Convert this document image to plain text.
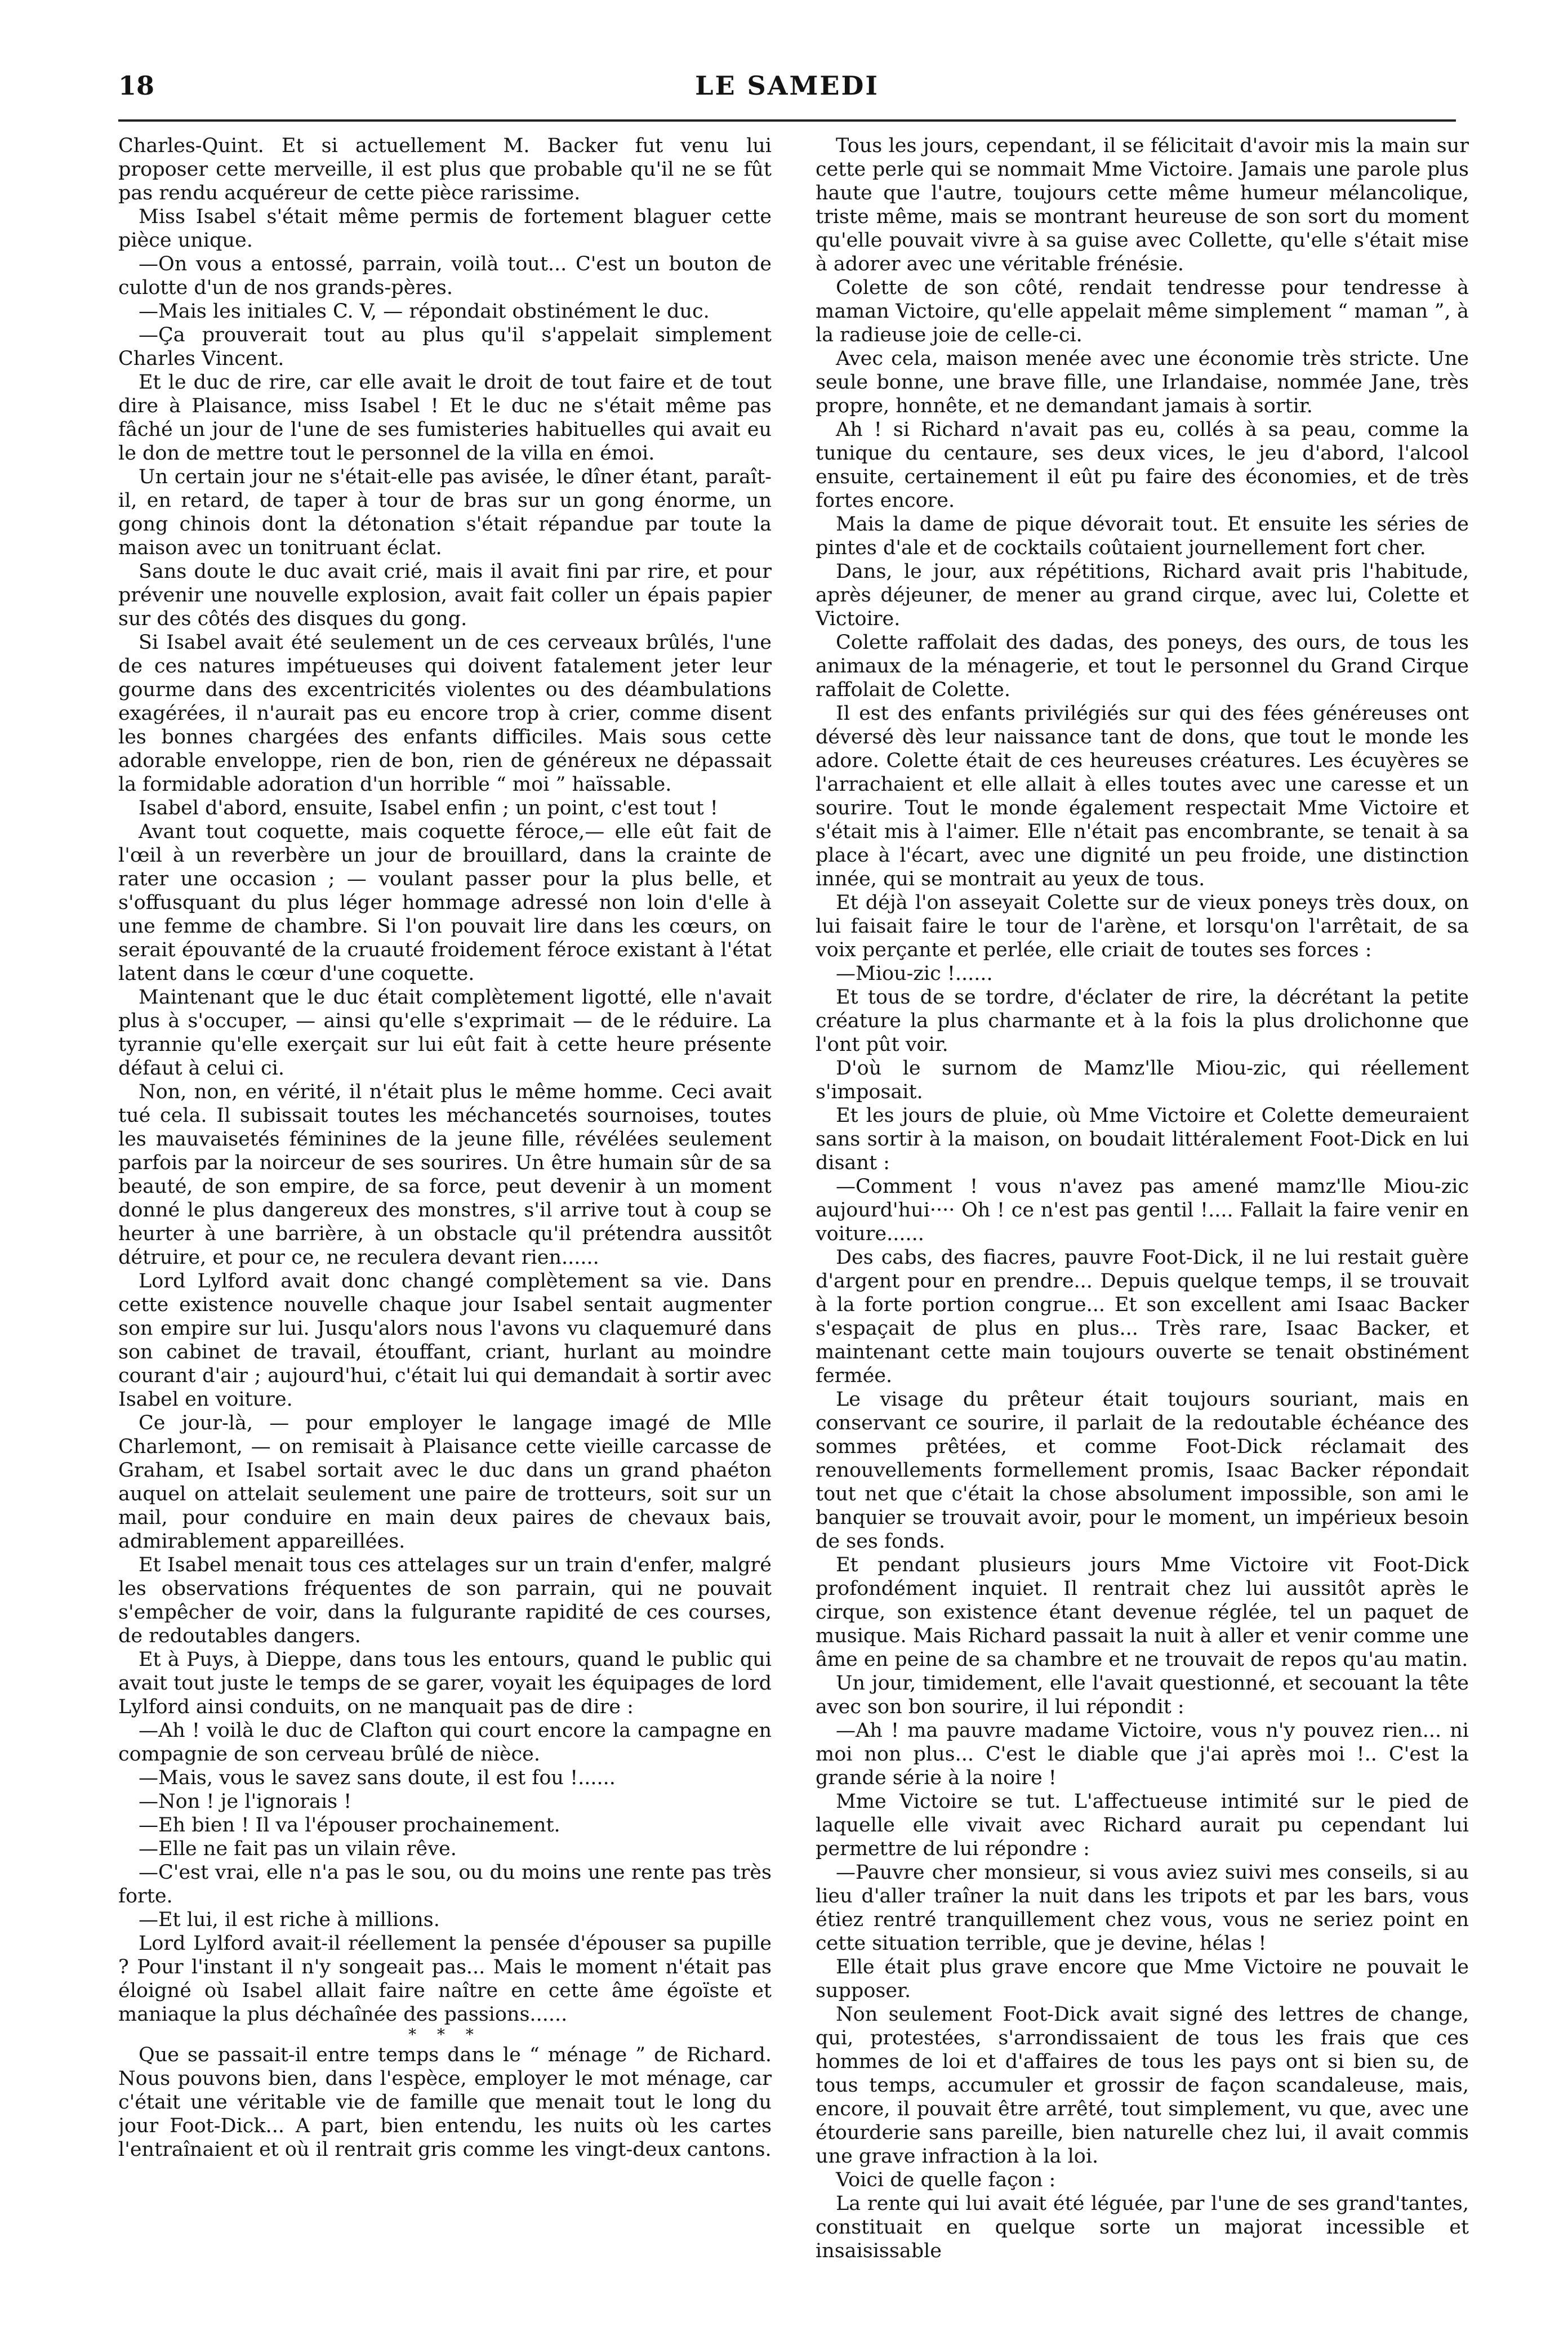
18	LE SAMEDI

Charles-Quint. Et si actuellement M. Backer fut venu lui proposer cette merveille, il est plus que probable qu'il ne se fût pas rendu acquéreur de cette pièce rarissime.

Miss Isabel s'était même permis de fortement blaguer cette pièce unique.

—On vous a entossé, parrain, voilà tout... C'est un bouton de culotte d'un de nos grands-pères.

—Mais les initiales C. V, — répondait obstinément le duc.

—Ça prouverait tout au plus qu'il s'appelait simplement Charles Vincent.

Et le duc de rire, car elle avait le droit de tout faire et de tout dire à Plaisance, miss Isabel ! Et le duc ne s'était même pas fâché un jour de l'une de ses fumisteries habituelles qui avait eu le don de mettre tout le personnel de la villa en émoi.

Un certain jour ne s'était-elle pas avisée, le dîner étant, paraît-il, en retard, de taper à tour de bras sur un gong énorme, un gong chinois dont la détonation s'était répandue par toute la maison avec un tonitruant éclat.

Sans doute le duc avait crié, mais il avait fini par rire, et pour prévenir une nouvelle explosion, avait fait coller un épais papier sur des côtés des disques du gong.

Si Isabel avait été seulement un de ces cerveaux brûlés, l'une de ces natures impétueuses qui doivent fatalement jeter leur gourme dans des excentricités violentes ou des déambulations exagérées, il n'aurait pas eu encore trop à crier, comme disent les bonnes chargées des enfants difficiles. Mais sous cette adorable enveloppe, rien de bon, rien de généreux ne dépassait la formidable adoration d'un horrible “ moi ” haïssable.

Isabel d'abord, ensuite, Isabel enfin ; un point, c'est tout !

Avant tout coquette, mais coquette féroce,— elle eût fait de l'œil à un reverbère un jour de brouillard, dans la crainte de rater une occasion ; — voulant passer pour la plus belle, et s'offusquant du plus léger hommage adressé non loin d'elle à une femme de chambre. Si l'on pouvait lire dans les cœurs, on serait épouvanté de la cruauté froidement féroce existant à l'état latent dans le cœur d'une coquette.

Maintenant que le duc était complètement ligotté, elle n'avait plus à s'occuper, — ainsi qu'elle s'exprimait — de le réduire. La tyrannie qu'elle exerçait sur lui eût fait à cette heure présente défaut à celui ci.

Non, non, en vérité, il n'était plus le même homme. Ceci avait tué cela. Il subissait toutes les méchancetés sournoises, toutes les mauvaisetés féminines de la jeune fille, révélées seulement parfois par la noirceur de ses sourires. Un être humain sûr de sa beauté, de son empire, de sa force, peut devenir à un moment donné le plus dangereux des monstres, s'il arrive tout à coup se heurter à une barrière, à un obstacle qu'il prétendra aussitôt détruire, et pour ce, ne reculera devant rien......

Lord Lylford avait donc changé complètement sa vie. Dans cette existence nouvelle chaque jour Isabel sentait augmenter son empire sur lui. Jusqu'alors nous l'avons vu claquemuré dans son cabinet de travail, étouffant, criant, hurlant au moindre courant d'air ; aujourd'hui, c'était lui qui demandait à sortir avec Isabel en voiture.

Ce jour-là, — pour employer le langage imagé de Mlle Charlemont, — on remisait à Plaisance cette vieille carcasse de Graham, et Isabel sortait avec le duc dans un grand phaéton auquel on attelait seulement une paire de trotteurs, soit sur un mail, pour conduire en main deux paires de chevaux bais, admirablement appareillées.

Et Isabel menait tous ces attelages sur un train d'enfer, malgré les observations fréquentes de son parrain, qui ne pouvait s'empêcher de voir, dans la fulgurante rapidité de ces courses, de redoutables dangers.

Et à Puys, à Dieppe, dans tous les entours, quand le public qui avait tout juste le temps de se garer, voyait les équipages de lord Lylford ainsi conduits, on ne manquait pas de dire :

—Ah ! voilà le duc de Clafton qui court encore la campagne en compagnie de son cerveau brûlé de nièce.

—Mais, vous le savez sans doute, il est fou !......

—Non ! je l'ignorais !

—Eh bien ! Il va l'épouser prochainement.

—Elle ne fait pas un vilain rêve.

—C'est vrai, elle n'a pas le sou, ou du moins une rente pas très forte.

—Et lui, il est riche à millions.

Lord Lylford avait-il réellement la pensée d'épouser sa pupille ? Pour l'instant il n'y songeait pas... Mais le moment n'était pas éloigné où Isabel allait faire naître en cette âme égoïste et maniaque la plus déchaînée des passions......

* * *

Que se passait-il entre temps dans le “ ménage ” de Richard. Nous pouvons bien, dans l'espèce, employer le mot ménage, car c'était une véritable vie de famille que menait tout le long du jour Foot-Dick... A part, bien entendu, les nuits où les cartes l'entraînaient et où il rentrait gris comme les vingt-deux cantons.

Tous les jours, cependant, il se félicitait d'avoir mis la main sur cette perle qui se nommait Mme Victoire. Jamais une parole plus haute que l'autre, toujours cette même humeur mélancolique, triste même, mais se montrant heureuse de son sort du moment qu'elle pouvait vivre à sa guise avec Collette, qu'elle s'était mise à adorer avec une véritable frénésie.

Colette de son côté, rendait tendresse pour tendresse à maman Victoire, qu'elle appelait même simplement “ maman ”, à la radieuse joie de celle-ci.

Avec cela, maison menée avec une économie très stricte. Une seule bonne, une brave fille, une Irlandaise, nommée Jane, très propre, honnête, et ne demandant jamais à sortir.

Ah ! si Richard n'avait pas eu, collés à sa peau, comme la tunique du centaure, ses deux vices, le jeu d'abord, l'alcool ensuite, certainement il eût pu faire des économies, et de très fortes encore.

Mais la dame de pique dévorait tout. Et ensuite les séries de pintes d'ale et de cocktails coûtaient journellement fort cher.

Dans, le jour, aux répétitions, Richard avait pris l'habitude, après déjeuner, de mener au grand cirque, avec lui, Colette et Victoire.

Colette raffolait des dadas, des poneys, des ours, de tous les animaux de la ménagerie, et tout le personnel du Grand Cirque raffolait de Colette.

Il est des enfants privilégiés sur qui des fées généreuses ont déversé dès leur naissance tant de dons, que tout le monde les adore. Colette était de ces heureuses créatures. Les écuyères se l'arrachaient et elle allait à elles toutes avec une caresse et un sourire. Tout le monde également respectait Mme Victoire et s'était mis à l'aimer. Elle n'était pas encombrante, se tenait à sa place à l'écart, avec une dignité un peu froide, une distinction innée, qui se montrait au yeux de tous.

Et déjà l'on asseyait Colette sur de vieux poneys très doux, on lui faisait faire le tour de l'arène, et lorsqu'on l'arrêtait, de sa voix perçante et perlée, elle criait de toutes ses forces :

—Miou-zic !......

Et tous de se tordre, d'éclater de rire, la décrétant la petite créature la plus charmante et à la fois la plus drolichonne que l'ont pût voir.

D'où le surnom de Mamz'lle Miou-zic, qui réellement s'imposait.

Et les jours de pluie, où Mme Victoire et Colette demeuraient sans sortir à la maison, on boudait littéralement Foot-Dick en lui disant :

—Comment ! vous n'avez pas amené mamz'lle Miou-zic aujourd'hui···· Oh ! ce n'est pas gentil !.... Fallait la faire venir en voiture......

Des cabs, des fiacres, pauvre Foot-Dick, il ne lui restait guère d'argent pour en prendre... Depuis quelque temps, il se trouvait à la forte portion congrue... Et son excellent ami Isaac Backer s'espaçait de plus en plus... Très rare, Isaac Backer, et maintenant cette main toujours ouverte se tenait obstinément fermée.

Le visage du prêteur était toujours souriant, mais en conservant ce sourire, il parlait de la redoutable échéance des sommes prêtées, et comme Foot-Dick réclamait des renouvellements formellement promis, Isaac Backer répondait tout net que c'était la chose absolument impossible, son ami le banquier se trouvait avoir, pour le moment, un impérieux besoin de ses fonds.

Et pendant plusieurs jours Mme Victoire vit Foot-Dick profondément inquiet. Il rentrait chez lui aussitôt après le cirque, son existence étant devenue réglée, tel un paquet de musique. Mais Richard passait la nuit à aller et venir comme une âme en peine de sa chambre et ne trouvait de repos qu'au matin.

Un jour, timidement, elle l'avait questionné, et secouant la tête avec son bon sourire, il lui répondit :

—Ah ! ma pauvre madame Victoire, vous n'y pouvez rien... ni moi non plus... C'est le diable que j'ai après moi !.. C'est la grande série à la noire !

Mme Victoire se tut. L'affectueuse intimité sur le pied de laquelle elle vivait avec Richard aurait pu cependant lui permettre de lui répondre :

—Pauvre cher monsieur, si vous aviez suivi mes conseils, si au lieu d'aller traîner la nuit dans les tripots et par les bars, vous étiez rentré tranquillement chez vous, vous ne seriez point en cette situation terrible, que je devine, hélas !

Elle était plus grave encore que Mme Victoire ne pouvait le supposer.

Non seulement Foot-Dick avait signé des lettres de change, qui, protestées, s'arrondissaient de tous les frais que ces hommes de loi et d'affaires de tous les pays ont si bien su, de tous temps, accumuler et grossir de façon scandaleuse, mais, encore, il pouvait être arrêté, tout simplement, vu que, avec une étourderie sans pareille, bien naturelle chez lui, il avait commis une grave infraction à la loi.

Voici de quelle façon :

La rente qui lui avait été léguée, par l'une de ses grand'tantes, constituait en quelque sorte un majorat incessible et insaisissable
